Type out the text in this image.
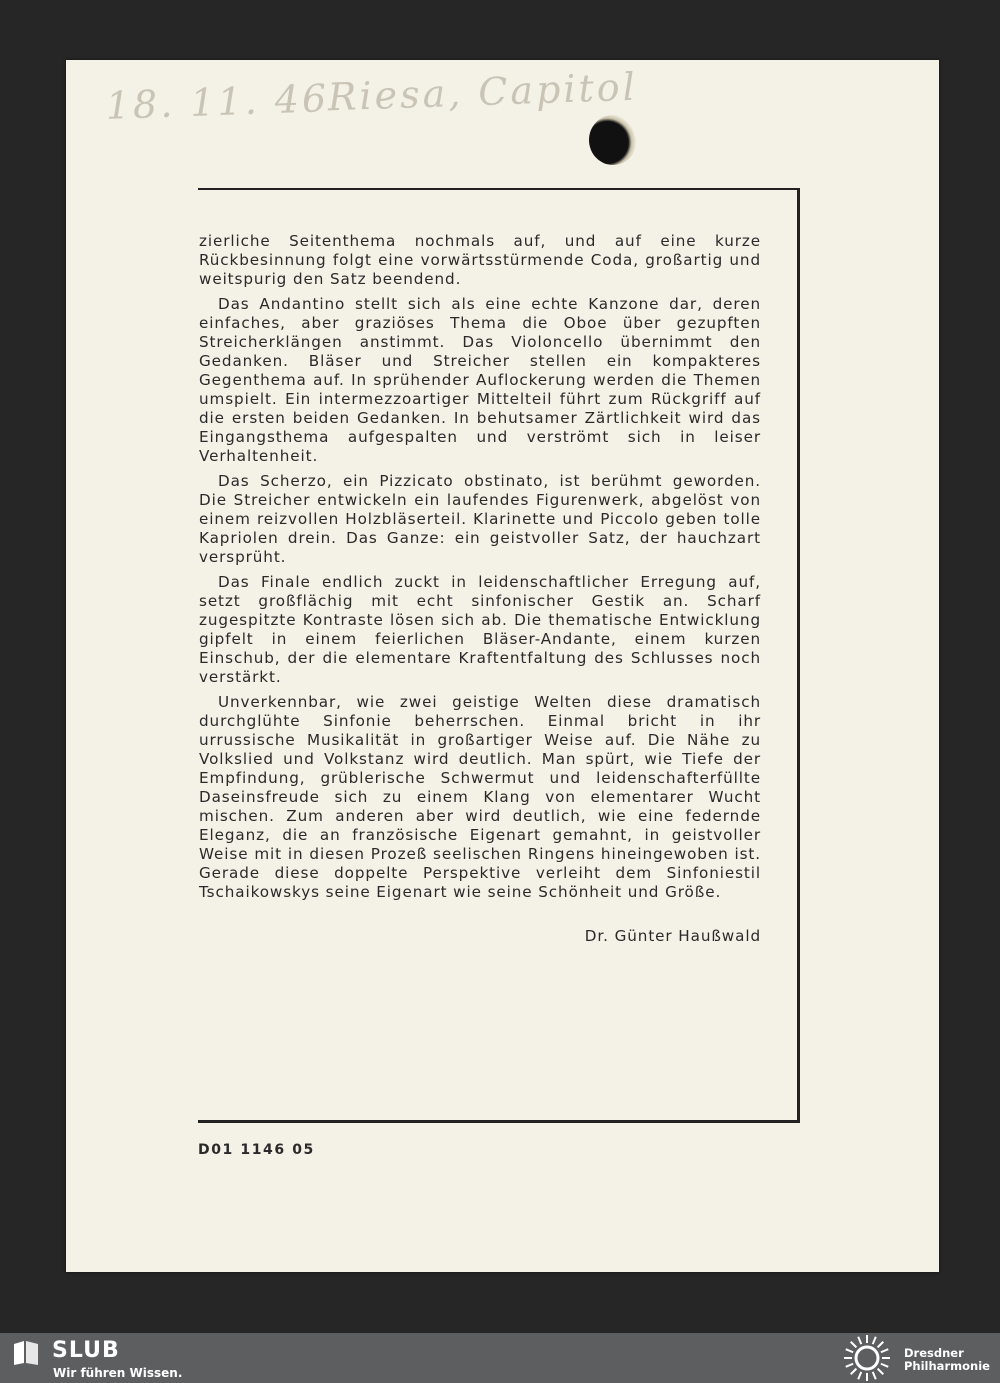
18. 11. 46
Riesa, Capitol

zierliche Seitenthema nochmals auf, und auf eine kurze Rückbesinnung folgt eine vorwärtsstürmende Coda, großartig und weitspurig den Satz beendend.

Das Andantino stellt sich als eine echte Kanzone dar, deren einfaches, aber graziöses Thema die Oboe über gezupften Streicherklängen anstimmt. Das Violoncello übernimmt den Gedanken. Bläser und Streicher stellen ein kompakteres Gegenthema auf. In sprühender Auflockerung werden die Themen umspielt. Ein intermezzoartiger Mittelteil führt zum Rückgriff auf die ersten beiden Gedanken. In behutsamer Zärtlichkeit wird das Eingangsthema aufgespalten und verströmt sich in leiser Verhaltenheit.

Das Scherzo, ein Pizzicato obstinato, ist berühmt geworden. Die Streicher entwickeln ein laufendes Figurenwerk, abgelöst von einem reizvollen Holzbläserteil. Klarinette und Piccolo geben tolle Kapriolen drein. Das Ganze: ein geistvoller Satz, der hauchzart versprüht.

Das Finale endlich zuckt in leidenschaftlicher Erregung auf, setzt großflächig mit echt sinfonischer Gestik an. Scharf zugespitzte Kontraste lösen sich ab. Die thematische Entwicklung gipfelt in einem feierlichen Bläser-Andante, einem kurzen Einschub, der die elementare Kraftentfaltung des Schlusses noch verstärkt.

Unverkennbar, wie zwei geistige Welten diese dramatisch durchglühte Sinfonie beherrschen. Einmal bricht in ihr urrussische Musikalität in großartiger Weise auf. Die Nähe zu Volkslied und Volkstanz wird deutlich. Man spürt, wie Tiefe der Empfindung, grüblerische Schwermut und leidenschafterfüllte Daseinsfreude sich zu einem Klang von elementarer Wucht mischen. Zum anderen aber wird deutlich, wie eine federnde Eleganz, die an französische Eigenart gemahnt, in geistvoller Weise mit in diesen Prozeß seelischen Ringens hineingewoben ist. Gerade diese doppelte Perspektive verleiht dem Sinfoniestil Tschaikowskys seine Eigenart wie seine Schönheit und Größe.

Dr. Günter Haußwald
D01 1146 05
SLUB
Wir führen Wissen.
Dresdner
Philharmonie
